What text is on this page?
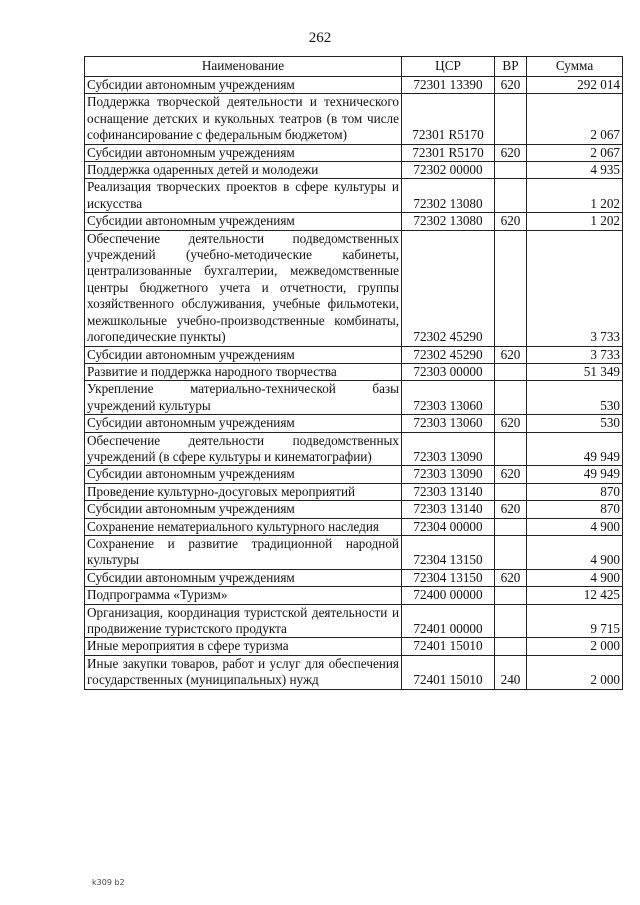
262
Наименование	ЦСР	ВР	Сумма
Субсидии автономным учреждениям	72301 13390	620	292 014
Поддержка творческой деятельности и технического оснащение детских и кукольных театров (в том числе софинансирование с федеральным бюджетом)	72301 R5170		2 067
Субсидии автономным учреждениям	72301 R5170	620	2 067
Поддержка одаренных детей и молодежи	72302 00000		4 935
Реализация творческих проектов в сфере культуры и искусства	72302 13080		1 202
Субсидии автономным учреждениям	72302 13080	620	1 202
Обеспечение деятельности подведомственных учреждений (учебно-методические кабинеты, централизованные бухгалтерии, межведомственные центры бюджетного учета и отчетности, группы хозяйственного обслуживания, учебные фильмотеки, межшкольные учебно-производственные комбинаты, логопедические пункты)	72302 45290		3 733
Субсидии автономным учреждениям	72302 45290	620	3 733
Развитие и поддержка народного творчества	72303 00000		51 349
Укрепление материально-технической базы учреждений культуры	72303 13060		530
Субсидии автономным учреждениям	72303 13060	620	530
Обеспечение деятельности подведомственных учреждений (в сфере культуры и кинематографии)	72303 13090		49 949
Субсидии автономным учреждениям	72303 13090	620	49 949
Проведение культурно-досуговых мероприятий	72303 13140		870
Субсидии автономным учреждениям	72303 13140	620	870
Сохранение нематериального культурного наследия	72304 00000		4 900
Сохранение и развитие традиционной народной культуры	72304 13150		4 900
Субсидии автономным учреждениям	72304 13150	620	4 900
Подпрограмма «Туризм»	72400 00000		12 425
Организация, координация туристской деятельности и продвижение туристского продукта	72401 00000		9 715
Иные мероприятия в сфере туризма	72401 15010		2 000
Иные закупки товаров, работ и услуг для обеспечения государственных (муниципальных) нужд	72401 15010	240	2 000
k309 b2
